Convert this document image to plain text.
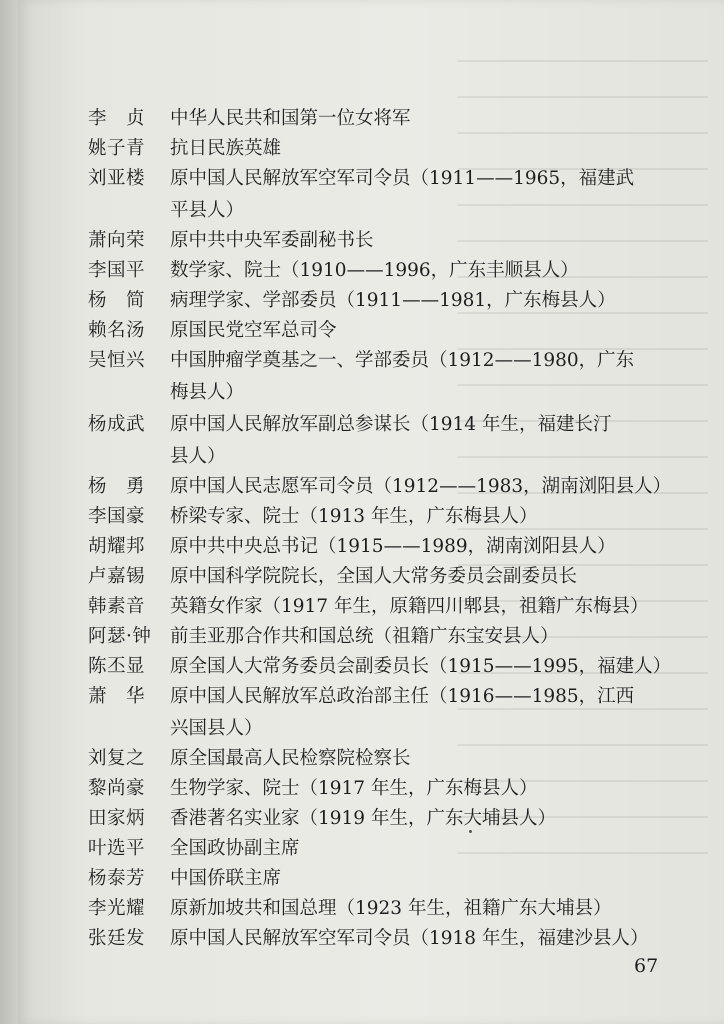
李　贞 中华人民共和国第一位女将军
姚子青 抗日民族英雄
刘亚楼 原中国人民解放军空军司令员（1911——1965，福建武
平县人）
萧向荣 原中共中央军委副秘书长
李国平 数学家、院士（1910——1996，广东丰顺县人）
杨　简 病理学家、学部委员（1911——1981，广东梅县人）
赖名汤 原国民党空军总司令
吴恒兴 中国肿瘤学奠基之一、学部委员（1912——1980，广东
梅县人）
杨成武 原中国人民解放军副总参谋长（1914 年生，福建长汀
县人）
杨　勇 原中国人民志愿军司令员（1912——1983，湖南浏阳县人）
李国豪 桥梁专家、院士（1913 年生，广东梅县人）
胡耀邦 原中共中央总书记（1915——1989，湖南浏阳县人）
卢嘉锡 原中国科学院院长，全国人大常务委员会副委员长
韩素音 英籍女作家（1917 年生，原籍四川郫县，祖籍广东梅县）
阿瑟·钟 前圭亚那合作共和国总统（祖籍广东宝安县人）
陈丕显 原全国人大常务委员会副委员长（1915——1995，福建人）
萧　华 原中国人民解放军总政治部主任（1916——1985，江西
兴国县人）
刘复之 原全国最高人民检察院检察长
黎尚豪 生物学家、院士（1917 年生，广东梅县人）
田家炳 香港著名实业家（1919 年生，广东大埔县人）
叶选平 全国政协副主席
杨泰芳 中国侨联主席
李光耀 原新加坡共和国总理（1923 年生，祖籍广东大埔县）
张廷发 原中国人民解放军空军司令员（1918 年生，福建沙县人）
67
